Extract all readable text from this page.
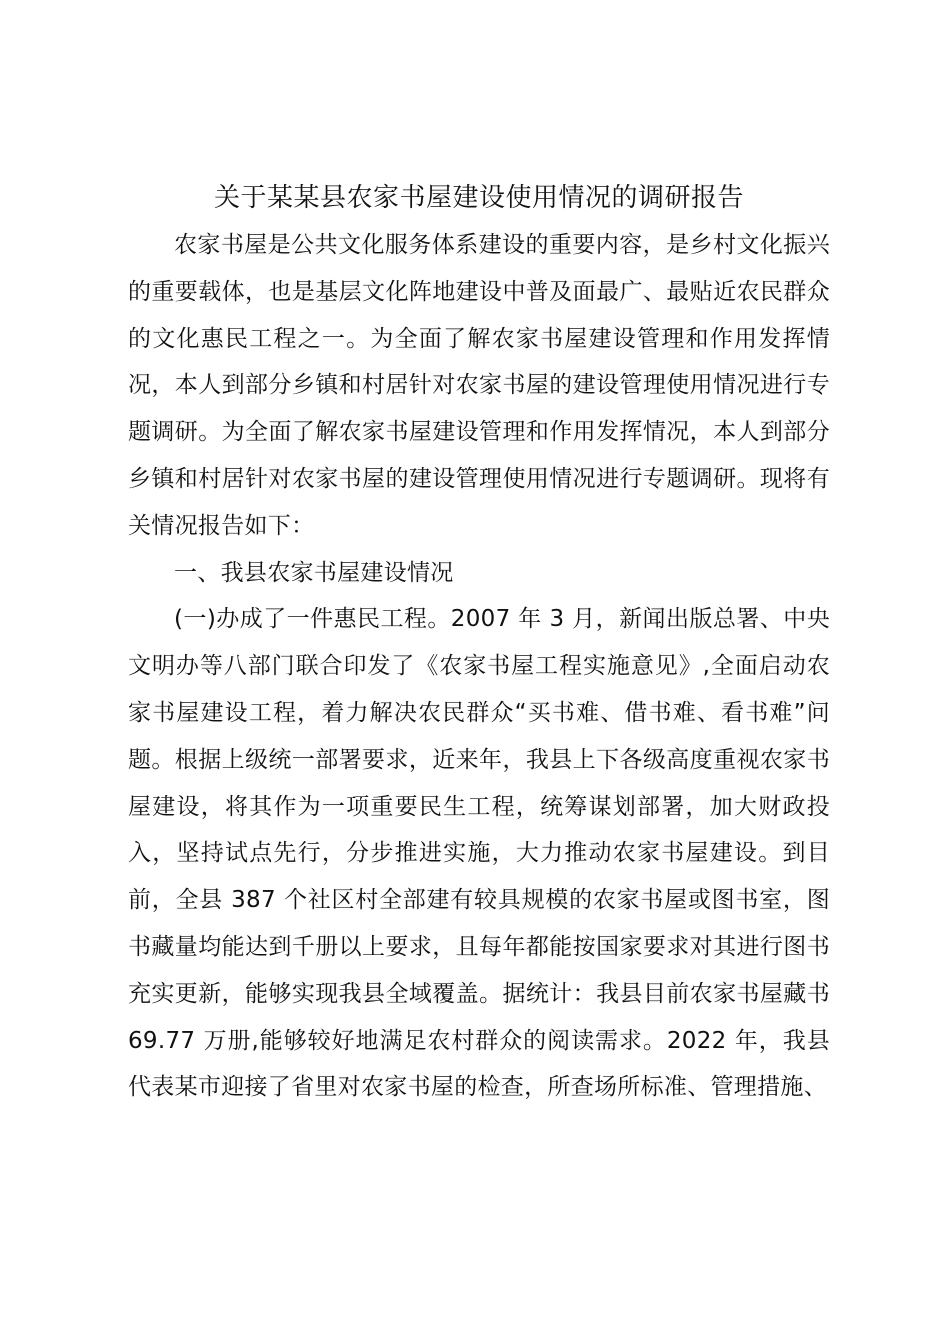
关于某某县农家书屋建设使用情况的调研报告

农家书屋是公共文化服务体系建设的重要内容，是乡村文化振兴的重要载体，也是基层文化阵地建设中普及面最广、最贴近农民群众的文化惠民工程之一。为全面了解农家书屋建设管理和作用发挥情况，本人到部分乡镇和村居针对农家书屋的建设管理使用情况进行专题调研。为全面了解农家书屋建设管理和作用发挥情况，本人到部分乡镇和村居针对农家书屋的建设管理使用情况进行专题调研。现将有关情况报告如下：

一、我县农家书屋建设情况

(一)办成了一件惠民工程。2007 年 3 月，新闻出版总署、中央文明办等八部门联合印发了《农家书屋工程实施意见》,全面启动农家书屋建设工程，着力解决农民群众“买书难、借书难、看书难”问题。根据上级统一部署要求，近来年，我县上下各级高度重视农家书屋建设，将其作为一项重要民生工程，统筹谋划部署，加大财政投入，坚持试点先行，分步推进实施，大力推动农家书屋建设。到目前，全县 387 个社区村全部建有较具规模的农家书屋或图书室，图书藏量均能达到千册以上要求，且每年都能按国家要求对其进行图书充实更新，能够实现我县全域覆盖。据统计：我县目前农家书屋藏书 69.77 万册,能够较好地满足农村群众的阅读需求。2022 年，我县代表某市迎接了省里对农家书屋的检查，所查场所标准、管理措施、
